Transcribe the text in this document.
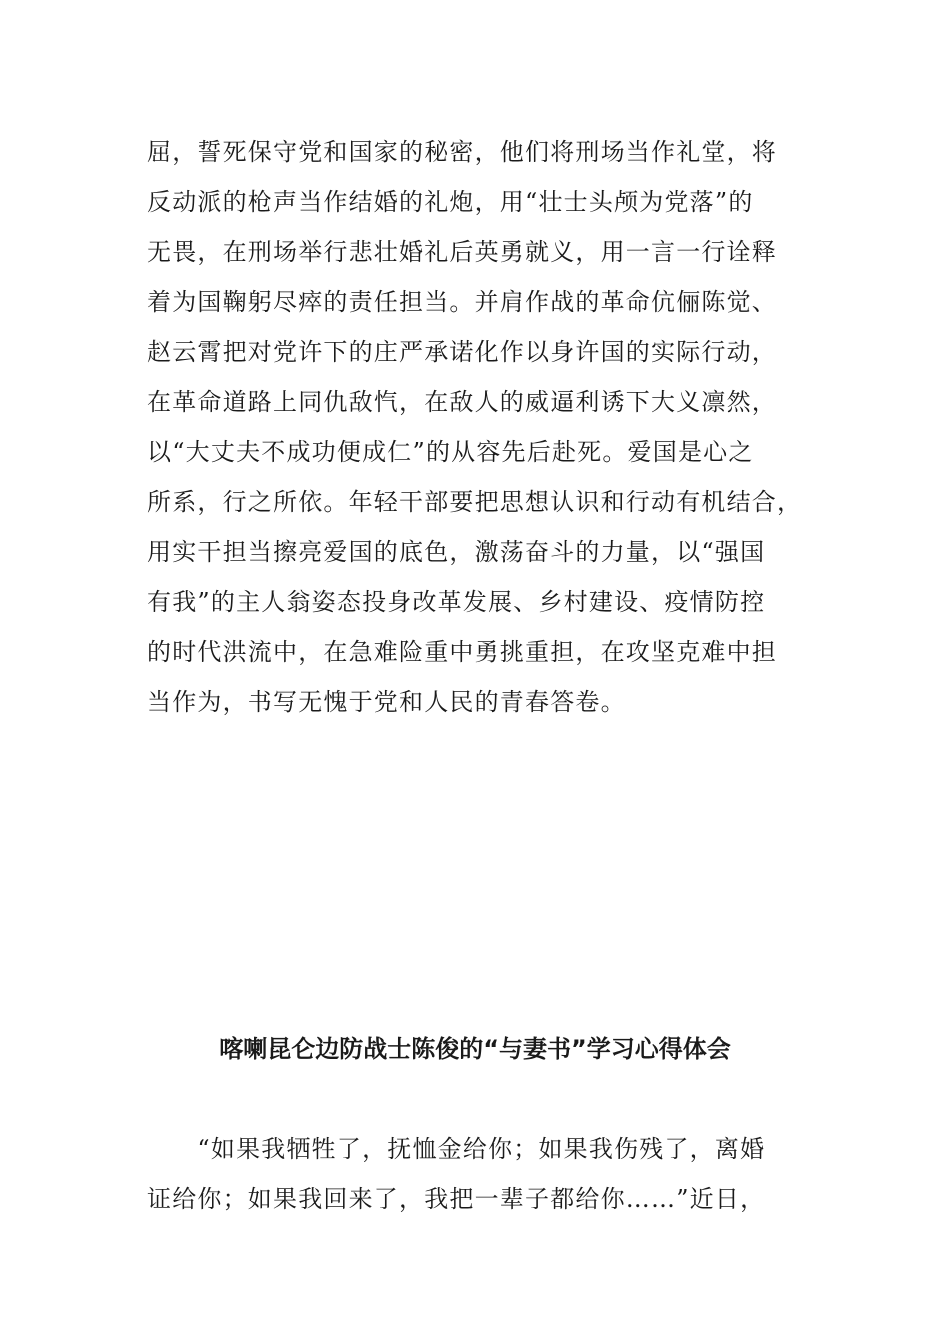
屈，誓死保守党和国家的秘密，他们将刑场当作礼堂，将
反动派的枪声当作结婚的礼炮，用“壮士头颅为党落”的
无畏，在刑场举行悲壮婚礼后英勇就义，用一言一行诠释
着为国鞠躬尽瘁的责任担当。并肩作战的革命伉俪陈觉、
赵云霄把对党许下的庄严承诺化作以身许国的实际行动，
在革命道路上同仇敌忾，在敌人的威逼利诱下大义凛然，
以“大丈夫不成功便成仁”的从容先后赴死。爱国是心之
所系，行之所依。年轻干部要把思想认识和行动有机结合，
用实干担当擦亮爱国的底色，激荡奋斗的力量，以“强国
有我”的主人翁姿态投身改革发展、乡村建设、疫情防控
的时代洪流中，在急难险重中勇挑重担，在攻坚克难中担
当作为，书写无愧于党和人民的青春答卷。
喀喇昆仑边防战士陈俊的“与妻书”学习心得体会
　　“如果我牺牲了，抚恤金给你；如果我伤残了，离婚
证给你；如果我回来了，我把一辈子都给你……”近日，
